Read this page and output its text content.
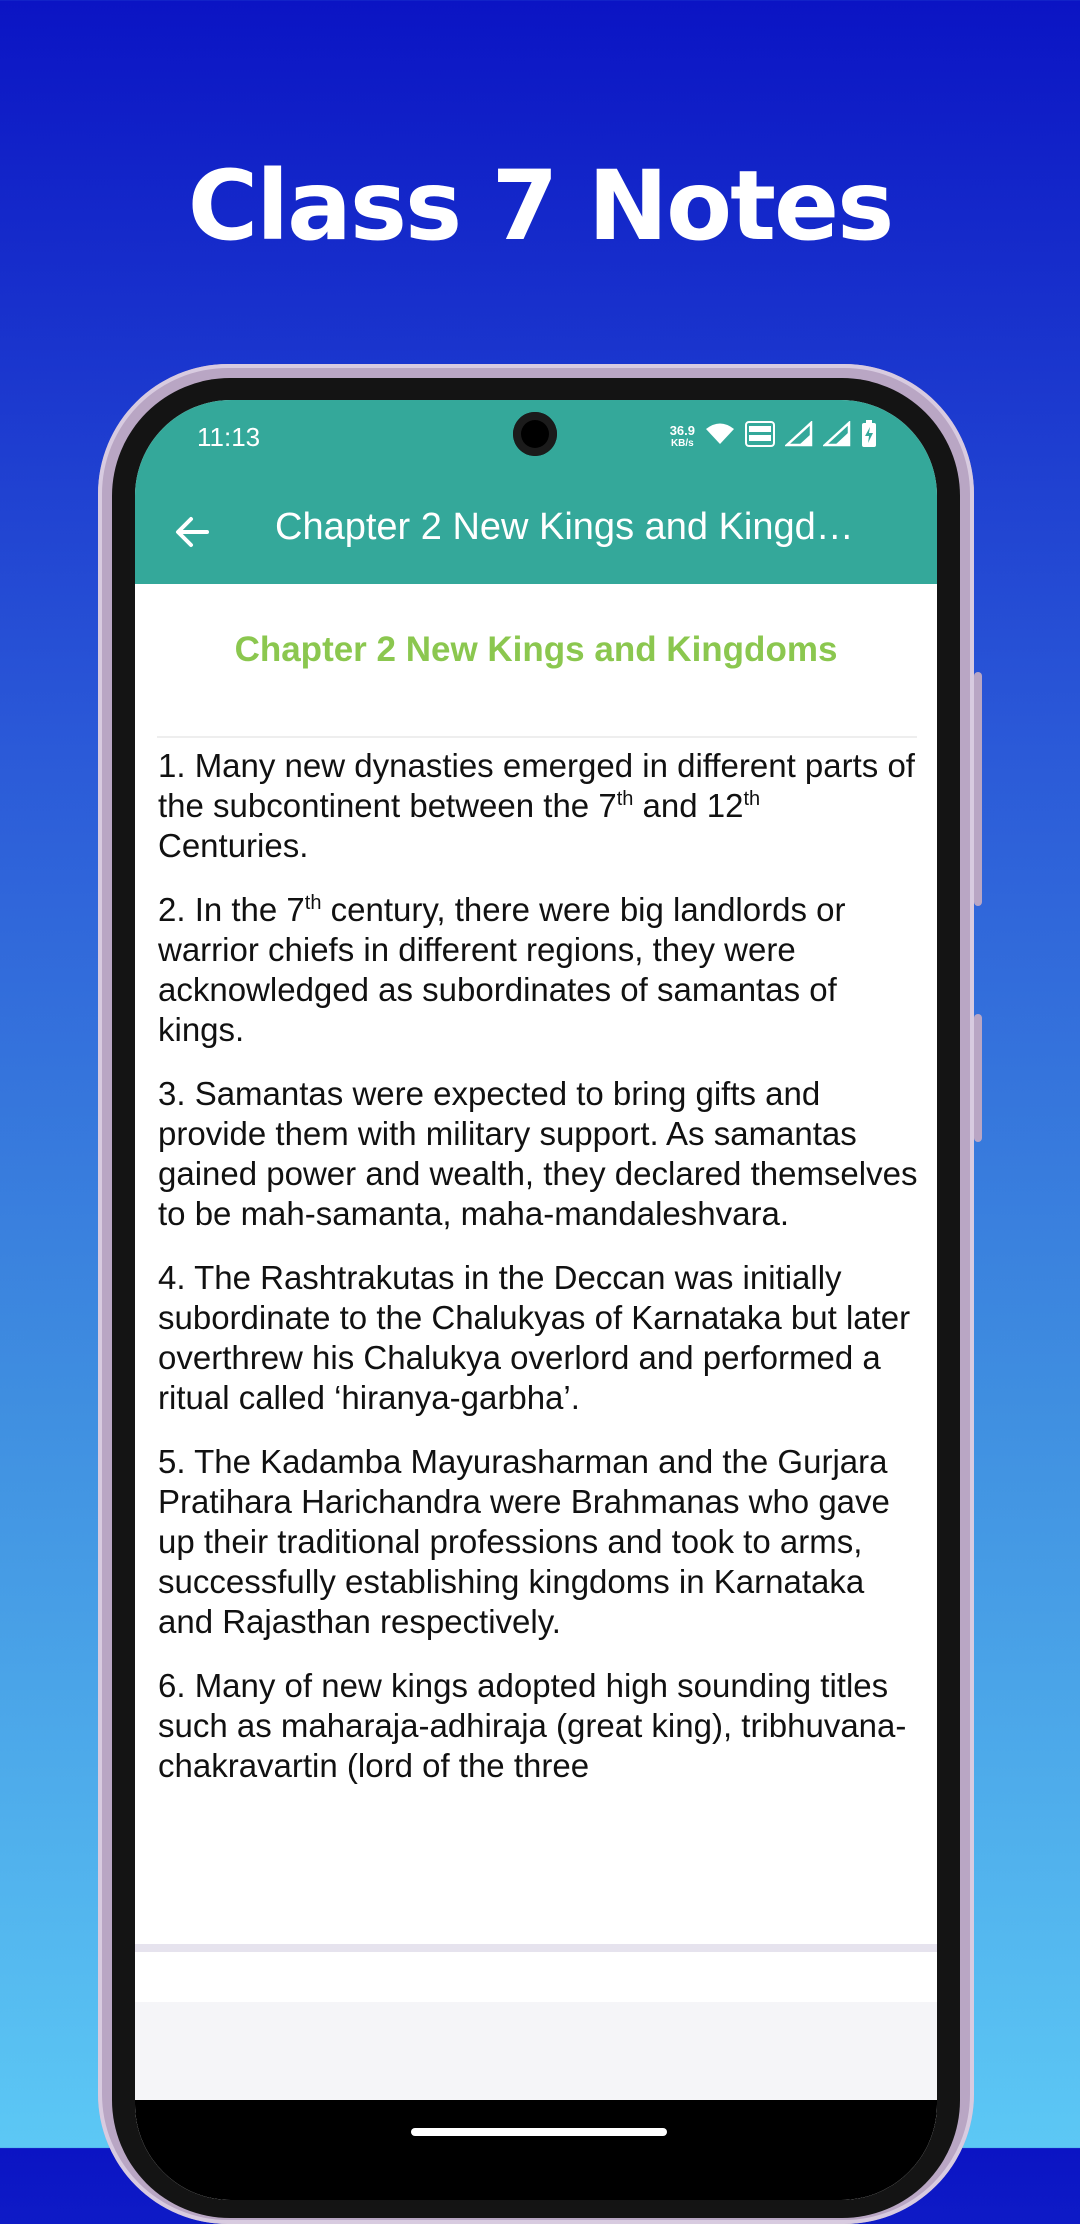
Class 7 Notes
11:13	36.9
KB/s
Chapter 2 New Kings and Kingd…
Chapter 2 New Kings and Kingdoms

1. Many new dynasties emerged in different parts of the subcontinent between the 7th and 12th Centuries.

2. In the 7th century, there were big landlords or warrior chiefs in different regions, they were acknowledged as subordinates of samantas of kings.

3. Samantas were expected to bring gifts and provide them with military support. As samantas gained power and wealth, they declared themselves to be mah-samanta, maha-mandaleshvara.

4. The Rashtrakutas in the Deccan was initially subordinate to the Chalukyas of Karnataka but later overthrew his Chalukya overlord and performed a ritual called ‘hiranya-garbha’.

5. The Kadamba Mayurasharman and the Gurjara Pratihara Harichandra were Brahmanas who gave up their traditional professions and took to arms, successfully establishing kingdoms in Karnataka and Rajasthan respectively.

6. Many of new kings adopted high sounding titles such as maharaja-adhiraja (great king), tribhuvana- chakravartin (lord of the three
